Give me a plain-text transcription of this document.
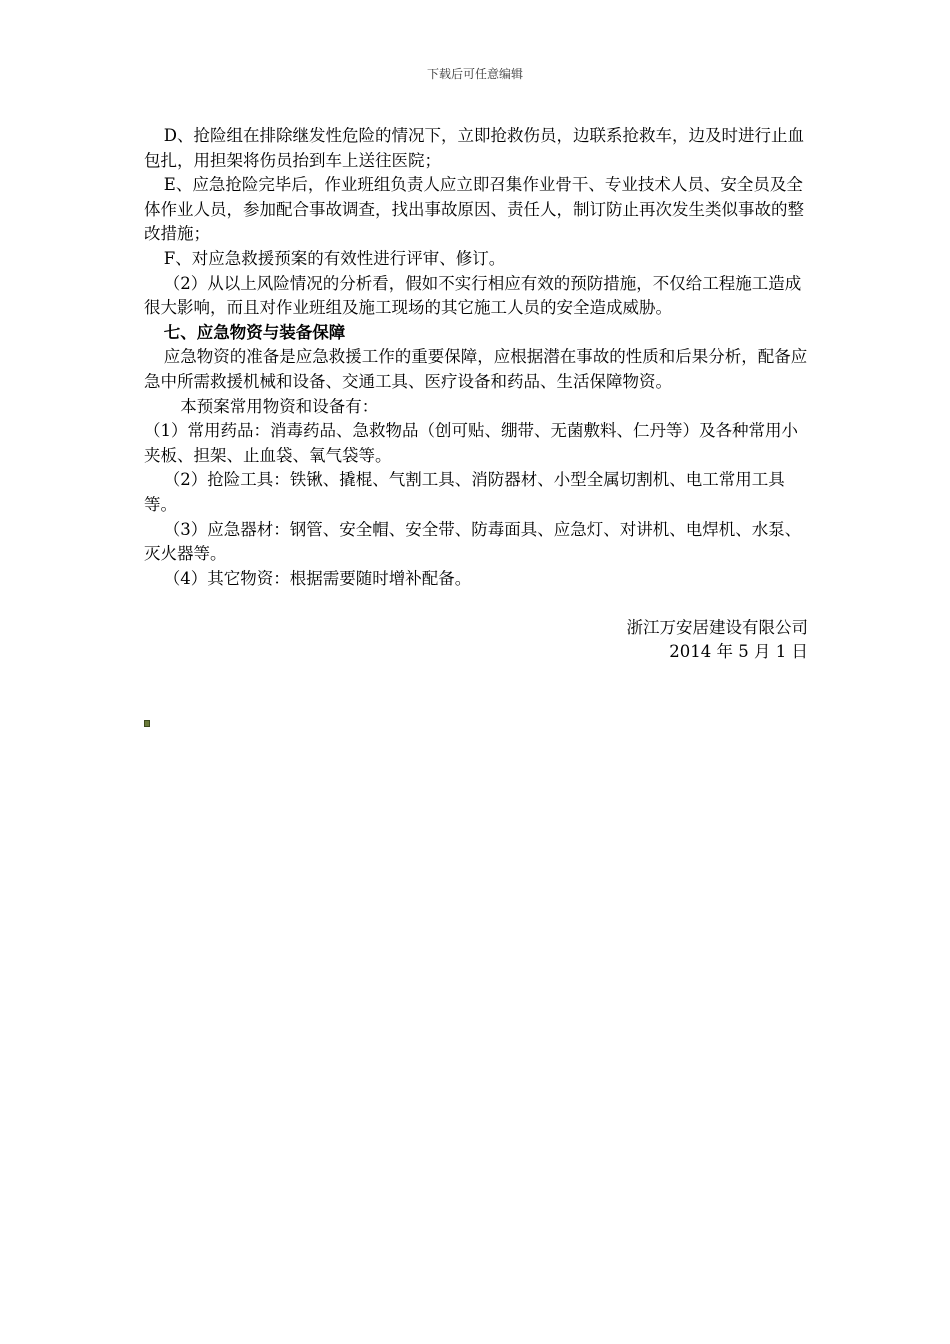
下载后可任意编辑

D、抢险组在排除继发性危险的情况下，立即抢救伤员，边联系抢救车，边及时进行止血包扎，用担架将伤员抬到车上送往医院；

E、应急抢险完毕后，作业班组负责人应立即召集作业骨干、专业技术人员、安全员及全体作业人员，参加配合事故调查，找出事故原因、责任人，制订防止再次发生类似事故的整改措施；

F、对应急救援预案的有效性进行评审、修订。

（2）从以上风险情况的分析看，假如不实行相应有效的预防措施，不仅给工程施工造成很大影响，而且对作业班组及施工现场的其它施工人员的安全造成威胁。

七、应急物资与装备保障

应急物资的准备是应急救援工作的重要保障，应根据潜在事故的性质和后果分析，配备应急中所需救援机械和设备、交通工具、医疗设备和药品、生活保障物资。

本预案常用物资和设备有：

（1）常用药品：消毒药品、急救物品（创可贴、绷带、无菌敷料、仁丹等）及各种常用小夹板、担架、止血袋、氧气袋等。

（2）抢险工具：铁锹、撬棍、气割工具、消防器材、小型全属切割机、电工常用工具等。

（3）应急器材：钢管、安全帽、安全带、防毒面具、应急灯、对讲机、电焊机、水泵、灭火器等。

（4）其它物资：根据需要随时增补配备。

浙江万安居建设有限公司

2014 年 5 月 1 日
